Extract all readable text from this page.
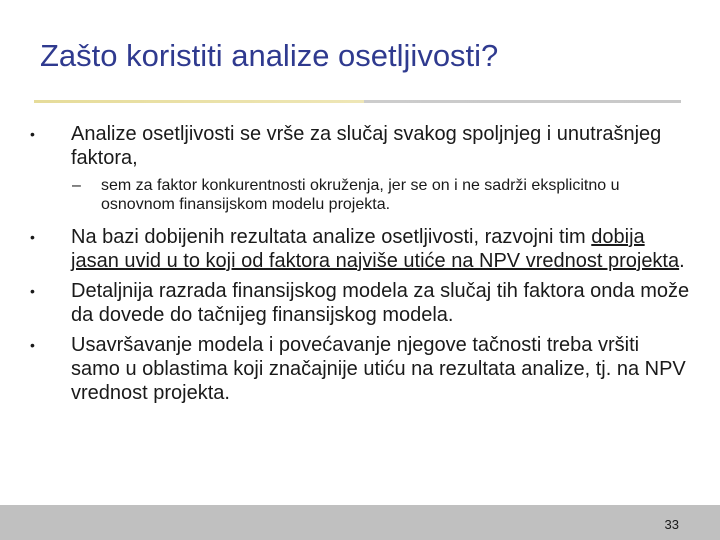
Zašto koristiti analize osetljivosti?
• Analize osetljivosti se vrše za slučaj svakog spoljnjeg i unutrašnjeg faktora,
– sem za faktor konkurentnosti okruženja, jer se on i ne sadrži eksplicitno u osnovnom finansijskom modelu projekta.
• Na bazi dobijenih rezultata analize osetljivosti, razvojni tim dobija jasan uvid u to koji od faktora najviše utiće na NPV vrednost projekta.
• Detaljnija razrada finansijskog modela za slučaj tih faktora onda može da dovede do tačnijeg finansijskog modela.
• Usavršavanje modela i povećavanje njegove tačnosti treba vršiti samo u oblastima koji značajnije utiću na rezultata analize, tj. na NPV vrednost projekta.
33
